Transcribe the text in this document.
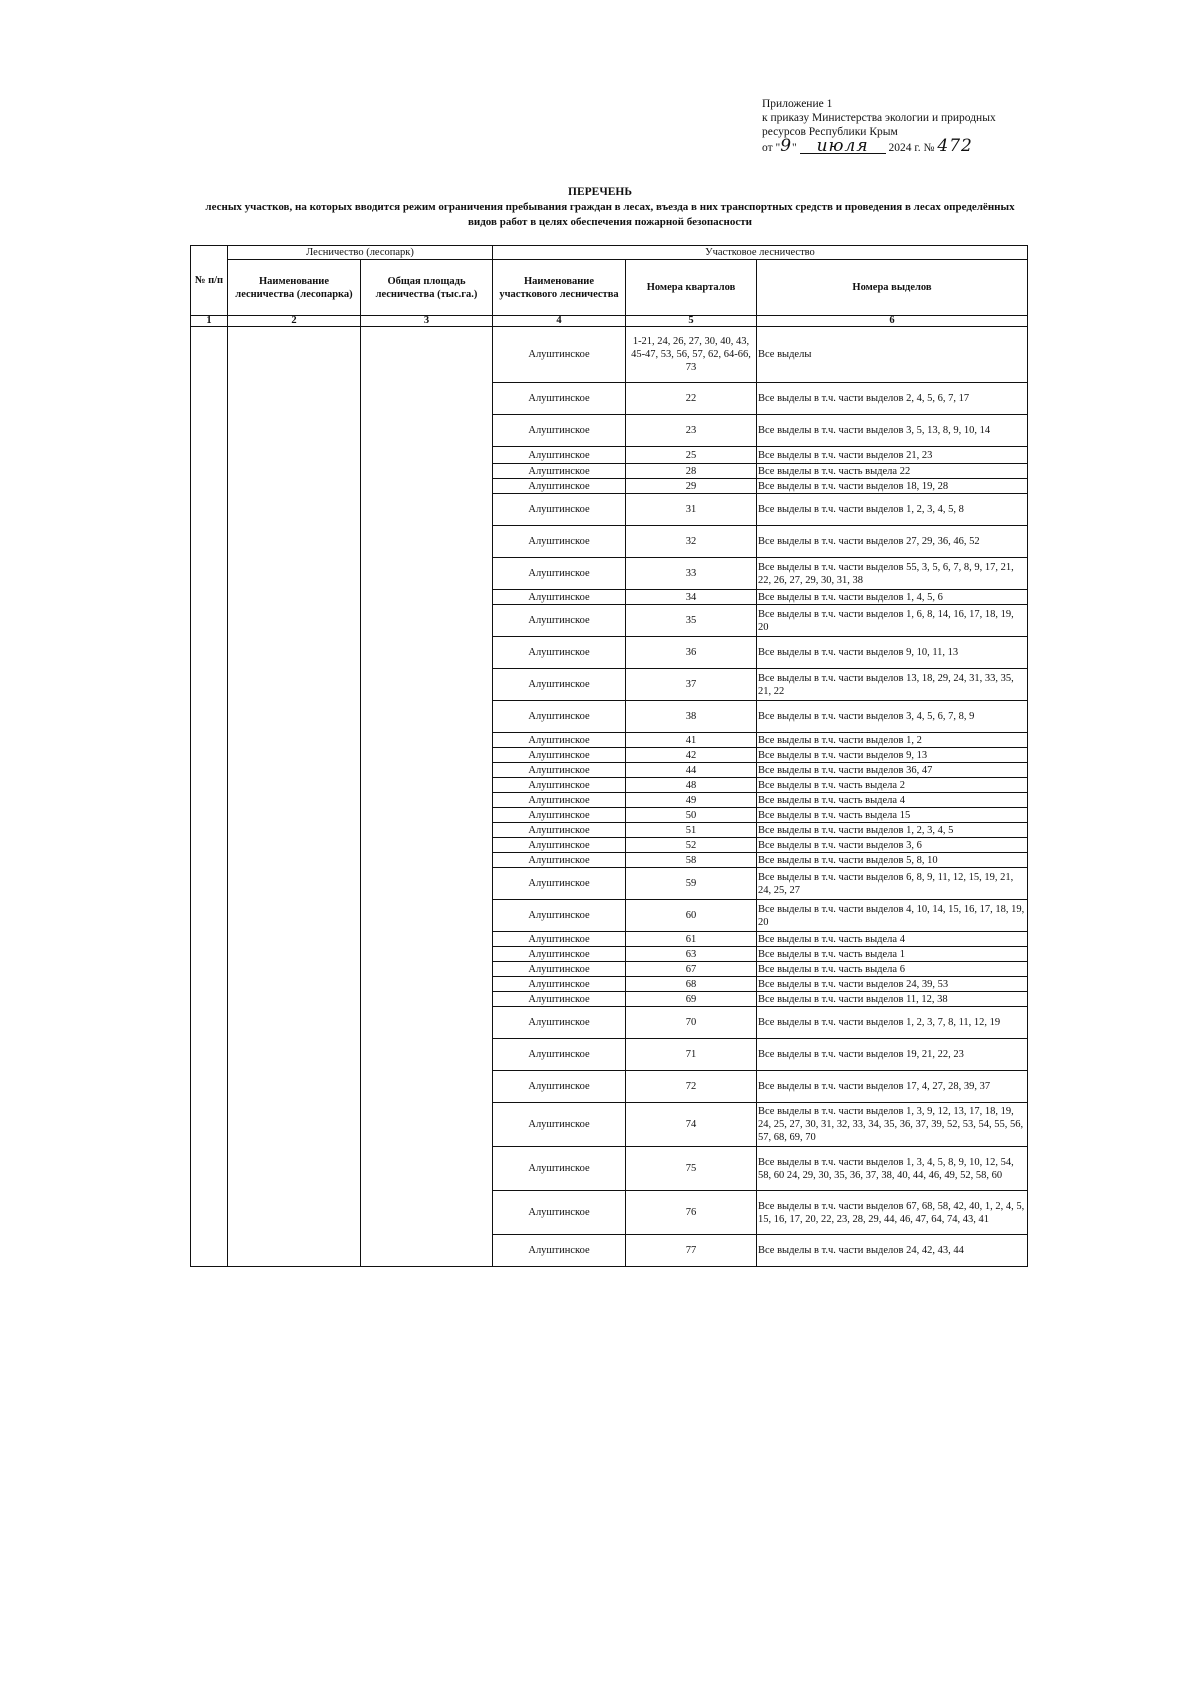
Приложение 1
к приказу Министерства экологии и природных
ресурсов Республики Крым
от "9" июля 2024 г. № 472
ПЕРЕЧЕНЬ
лесных участков, на которых вводится режим ограничения пребывания граждан в лесах, въезда в них транспортных средств и проведения в лесах определённых видов работ в целях обеспечения пожарной безопасности
№ п/п	Лесничество (лесопарк)		Участковое лесничество		
	Наименование лесничества (лесопарка)	Общая площадь лесничества (тыс.га.)	Наименование участкового лесничества	Номера кварталов	Номера выделов
1	2	3	4	5	6
			Алуштинское	1-21, 24, 26, 27, 30, 40, 43, 45-47, 53, 56, 57, 62, 64-66, 73	Все выделы
			Алуштинское	22	Все выделы в т.ч. части выделов 2, 4, 5, 6, 7, 17
			Алуштинское	23	Все выделы в т.ч. части выделов 3, 5, 13, 8, 9, 10, 14
			Алуштинское	25	Все выделы в т.ч. части выделов 21, 23
			Алуштинское	28	Все выделы в т.ч. часть выдела 22
			Алуштинское	29	Все выделы в т.ч. части выделов 18, 19, 28
			Алуштинское	31	Все выделы в т.ч. части выделов 1, 2, 3, 4, 5, 8
			Алуштинское	32	Все выделы в т.ч. части выделов 27, 29, 36, 46, 52
			Алуштинское	33	Все выделы в т.ч. части выделов 55, 3, 5, 6, 7, 8, 9, 17, 21, 22, 26, 27, 29, 30, 31, 38
			Алуштинское	34	Все выделы в т.ч. части выделов 1, 4, 5, 6
			Алуштинское	35	Все выделы в т.ч. части выделов 1, 6, 8, 14, 16, 17, 18, 19, 20
			Алуштинское	36	Все выделы в т.ч. части выделов 9, 10, 11, 13
			Алуштинское	37	Все выделы в т.ч. части выделов 13, 18, 29, 24, 31, 33, 35, 21, 22
			Алуштинское	38	Все выделы в т.ч. части выделов 3, 4, 5, 6, 7, 8, 9
			Алуштинское	41	Все выделы в т.ч. части выделов 1, 2
			Алуштинское	42	Все выделы в т.ч. части выделов 9, 13
			Алуштинское	44	Все выделы в т.ч. части выделов 36, 47
			Алуштинское	48	Все выделы в т.ч. часть выдела 2
			Алуштинское	49	Все выделы в т.ч. часть выдела 4
			Алуштинское	50	Все выделы в т.ч. часть выдела 15
			Алуштинское	51	Все выделы в т.ч. части выделов 1, 2, 3, 4, 5
			Алуштинское	52	Все выделы в т.ч. части выделов 3, 6
			Алуштинское	58	Все выделы в т.ч. части выделов 5, 8, 10
			Алуштинское	59	Все выделы в т.ч. части выделов 6, 8, 9, 11, 12, 15, 19, 21, 24, 25, 27
			Алуштинское	60	Все выделы в т.ч. части выделов 4, 10, 14, 15, 16, 17, 18, 19, 20
			Алуштинское	61	Все выделы в т.ч. часть выдела 4
			Алуштинское	63	Все выделы в т.ч. часть выдела 1
			Алуштинское	67	Все выделы в т.ч. часть выдела 6
			Алуштинское	68	Все выделы в т.ч. части выделов 24, 39, 53
			Алуштинское	69	Все выделы в т.ч. части выделов 11, 12, 38
			Алуштинское	70	Все выделы в т.ч. части выделов 1, 2, 3, 7, 8, 11, 12, 19
			Алуштинское	71	Все выделы в т.ч. части выделов 19, 21, 22, 23
			Алуштинское	72	Все выделы в т.ч. части выделов 17, 4, 27, 28, 39, 37
			Алуштинское	74	Все выделы в т.ч. части выделов 1, 3, 9, 12, 13, 17, 18, 19, 24, 25, 27, 30, 31, 32, 33, 34, 35, 36, 37, 39, 52, 53, 54, 55, 56, 57, 68, 69, 70
			Алуштинское	75	Все выделы в т.ч. части выделов 1, 3, 4, 5, 8, 9, 10, 12, 54, 58, 60 24, 29, 30, 35, 36, 37, 38, 40, 44, 46, 49, 52, 58, 60
			Алуштинское	76	Все выделы в т.ч. части выделов 67, 68, 58, 42, 40, 1, 2, 4, 5, 15, 16, 17, 20, 22, 23, 28, 29, 44, 46, 47, 64, 74, 43, 41
			Алуштинское	77	Все выделы в т.ч. части выделов 24, 42, 43, 44
